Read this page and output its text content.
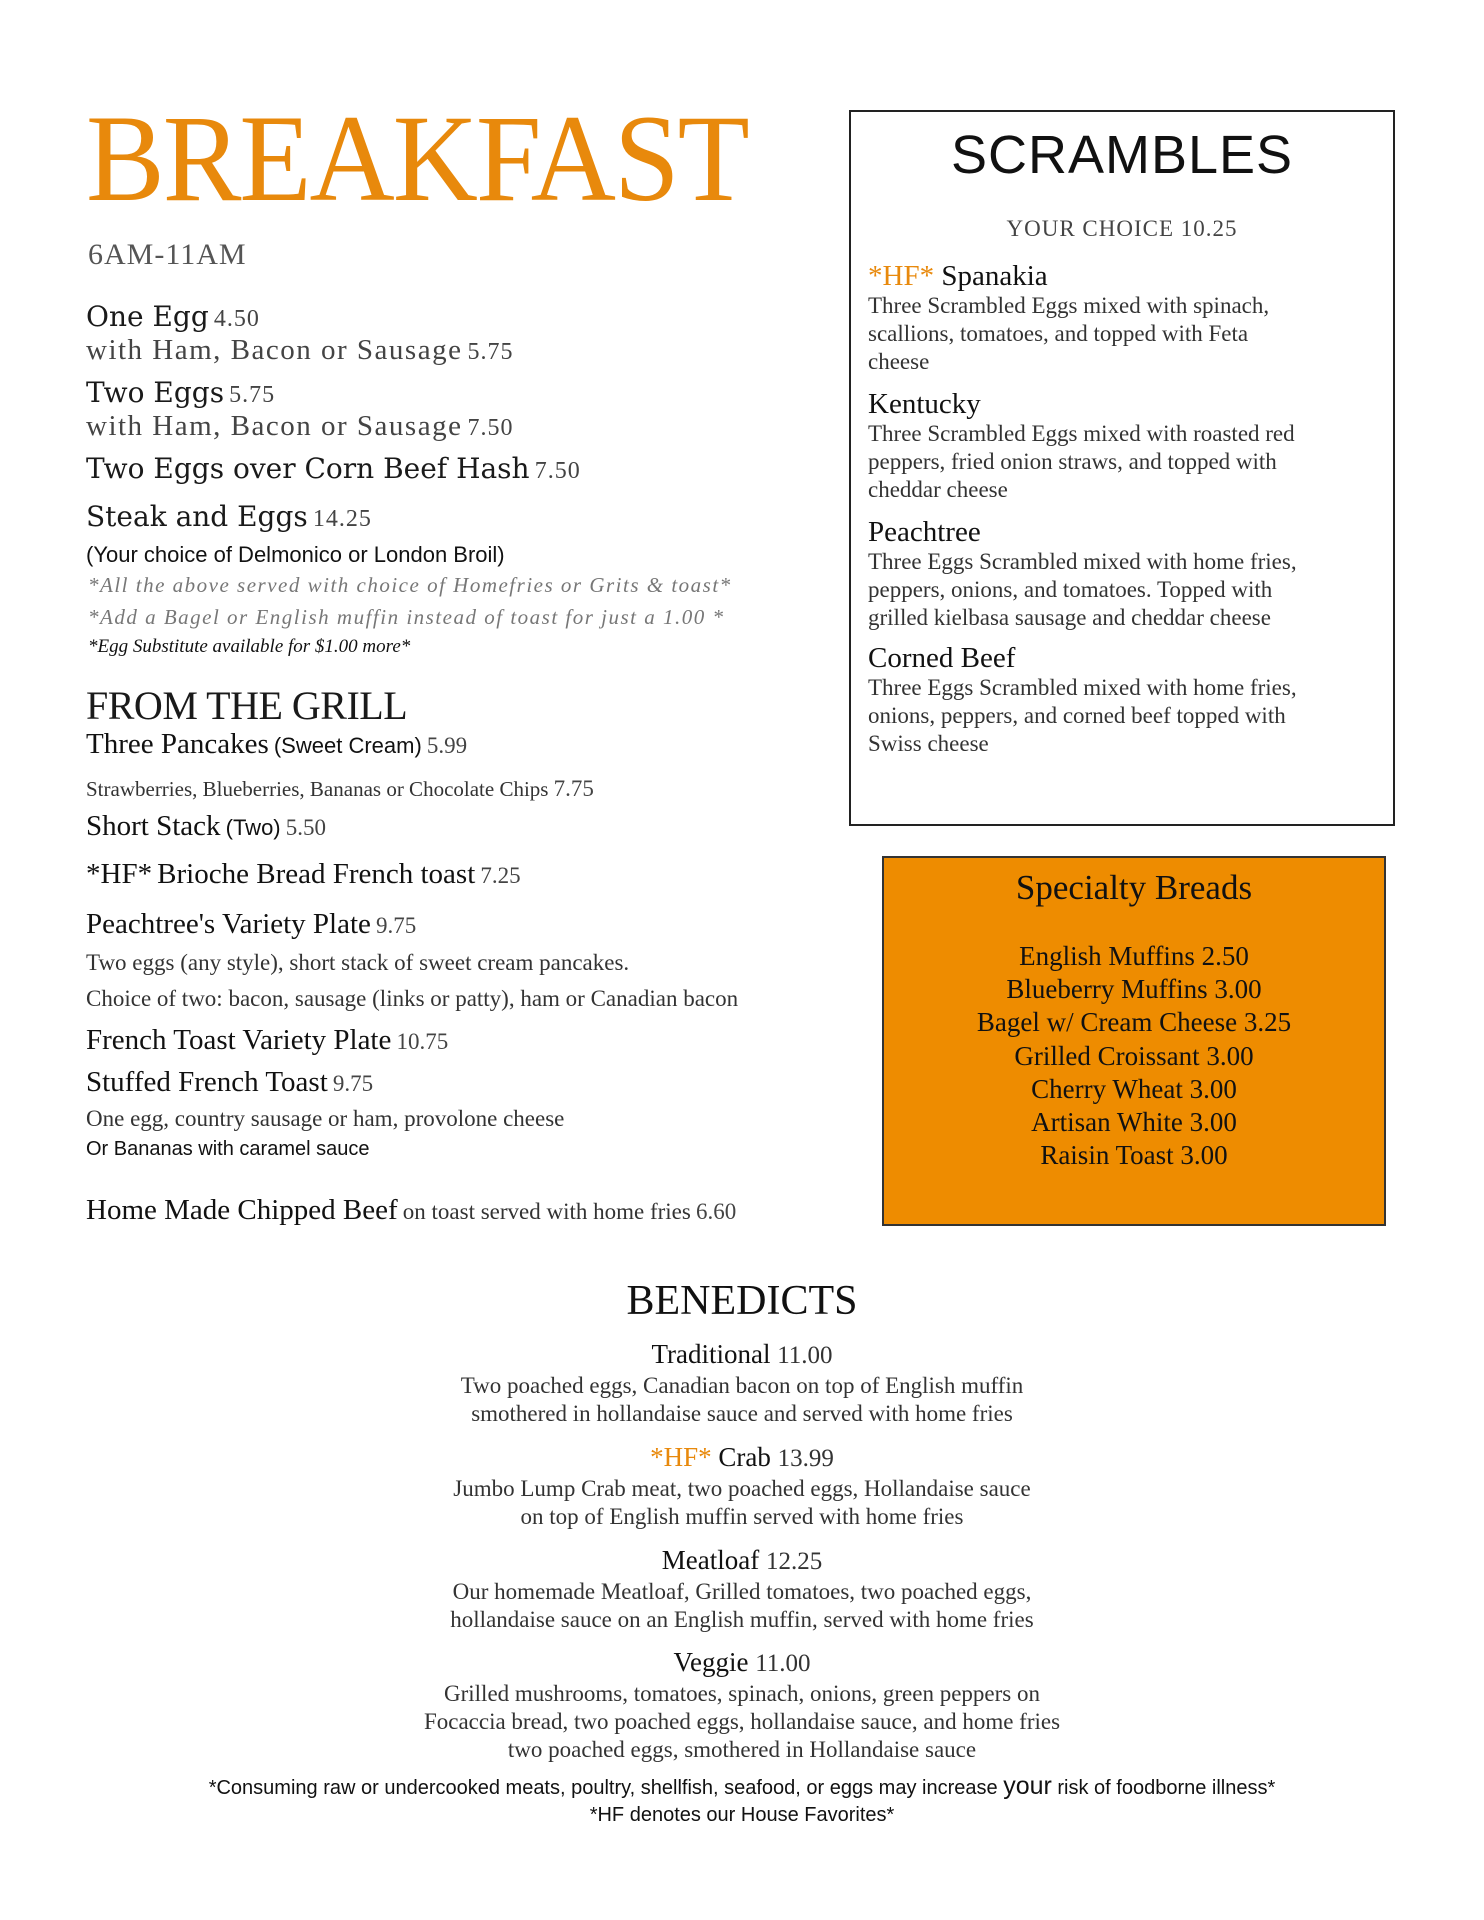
BREAKFAST
6AM-11AM
One Egg 4.50
with Ham, Bacon or Sausage 5.75
Two Eggs 5.75
with Ham, Bacon or Sausage 7.50
Two Eggs over Corn Beef Hash 7.50
Steak and Eggs 14.25
(Your choice of Delmonico or London Broil)
*All the above served with choice of Homefries or Grits & toast*
*Add a Bagel or English muffin instead of toast for just a 1.00 *
*Egg Substitute available for $1.00 more*
FROM THE GRILL
Three Pancakes (Sweet Cream) 5.99
Strawberries, Blueberries, Bananas or Chocolate Chips 7.75
Short Stack (Two) 5.50
*HF* Brioche Bread French toast 7.25
Peachtree's Variety Plate 9.75
Two eggs (any style), short stack of sweet cream pancakes.
Choice of two: bacon, sausage (links or patty), ham or Canadian bacon
French Toast Variety Plate 10.75
Stuffed French Toast 9.75
One egg, country sausage or ham, provolone cheese
Or Bananas with caramel sauce
Home Made Chipped Beef on toast served with home fries 6.60
SCRAMBLES
YOUR CHOICE 10.25
*HF* Spanakia
Three Scrambled Eggs mixed with spinach,
scallions, tomatoes, and topped with Feta
cheese
Kentucky
Three Scrambled Eggs mixed with roasted red
peppers, fried onion straws, and topped with
cheddar cheese
Peachtree
Three Eggs Scrambled mixed with home fries,
peppers, onions, and tomatoes. Topped with
grilled kielbasa sausage and cheddar cheese
Corned Beef
Three Eggs Scrambled mixed with home fries,
onions, peppers, and corned beef topped with
Swiss cheese
Specialty Breads
English Muffins 2.50
Blueberry Muffins 3.00
Bagel w/ Cream Cheese 3.25
Grilled Croissant 3.00
Cherry Wheat 3.00
Artisan White 3.00
Raisin Toast 3.00
BENEDICTS
Traditional 11.00
Two poached eggs, Canadian bacon on top of English muffin
smothered in hollandaise sauce and served with home fries
*HF* Crab 13.99
Jumbo Lump Crab meat, two poached eggs, Hollandaise sauce
on top of English muffin served with home fries
Meatloaf 12.25
Our homemade Meatloaf, Grilled tomatoes, two poached eggs,
hollandaise sauce on an English muffin, served with home fries
Veggie 11.00
Grilled mushrooms, tomatoes, spinach, onions, green peppers on
Focaccia bread, two poached eggs, hollandaise sauce, and home fries
two poached eggs, smothered in Hollandaise sauce
*Consuming raw or undercooked meats, poultry, shellfish, seafood, or eggs may increase your risk of foodborne illness*
*HF denotes our House Favorites*
